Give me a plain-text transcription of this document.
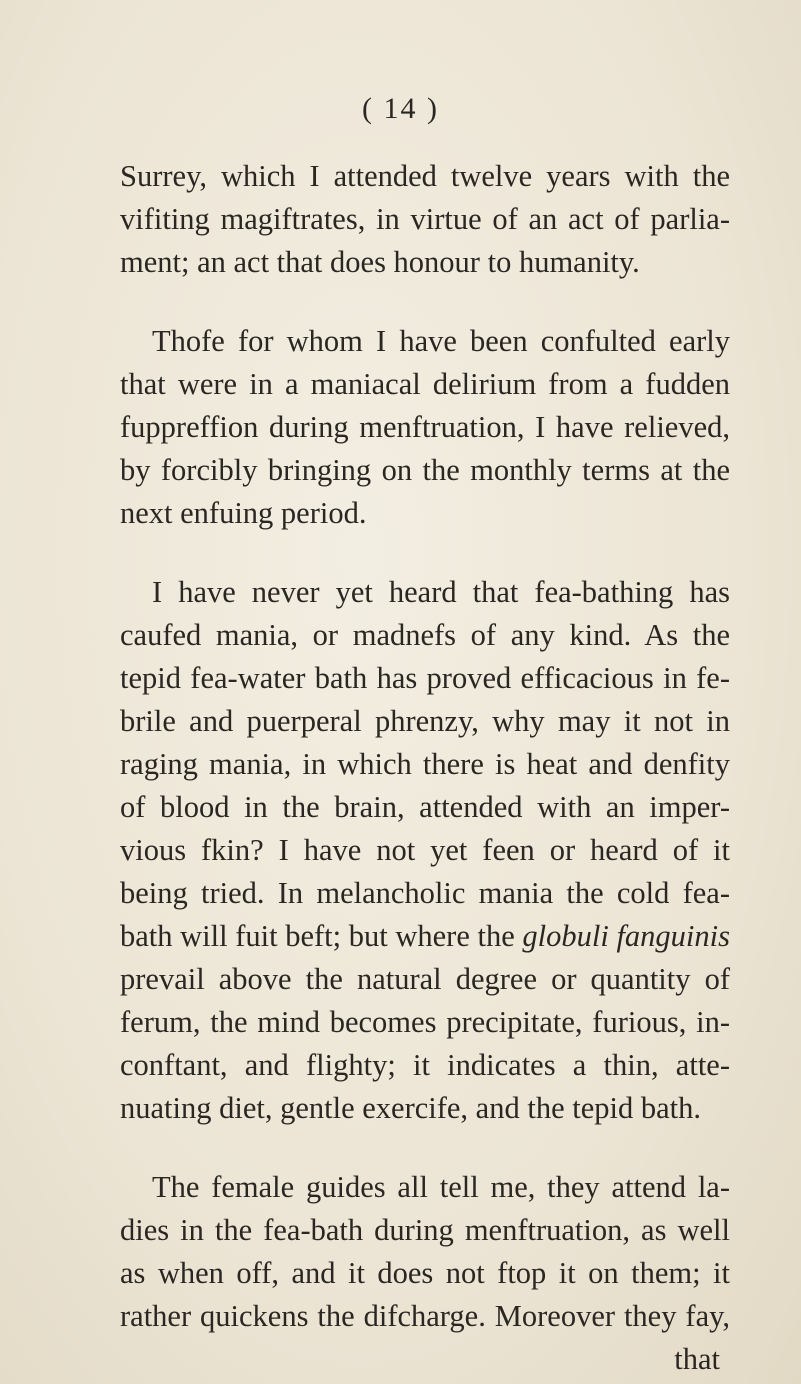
( 14 )
Surrey, which I attended twelve years with the
vifiting magiftrates, in virtue of an act of parlia-
ment; an act that does honour to humanity.
Thofe for whom I have been confulted early
that were in a maniacal delirium from a fudden
fuppreffion during menftruation, I have relieved,
by forcibly bringing on the monthly terms at the
next enfuing period.
I have never yet heard that fea-bathing has
caufed mania, or madnefs of any kind. As the
tepid fea-water bath has proved efficacious in fe-
brile and puerperal phrenzy, why may it not in
raging mania, in which there is heat and denfity
of blood in the brain, attended with an imper-
vious fkin? I have not yet feen or heard of it
being tried. In melancholic mania the cold fea-
bath will fuit beft; but where the globuli fanguinis
prevail above the natural degree or quantity of
ferum, the mind becomes precipitate, furious, in-
conftant, and flighty; it indicates a thin, atte-
nuating diet, gentle exercife, and the tepid bath.
The female guides all tell me, they attend la-
dies in the fea-bath during menftruation, as well
as when off, and it does not ftop it on them; it
rather quickens the difcharge. Moreover they fay,
that
